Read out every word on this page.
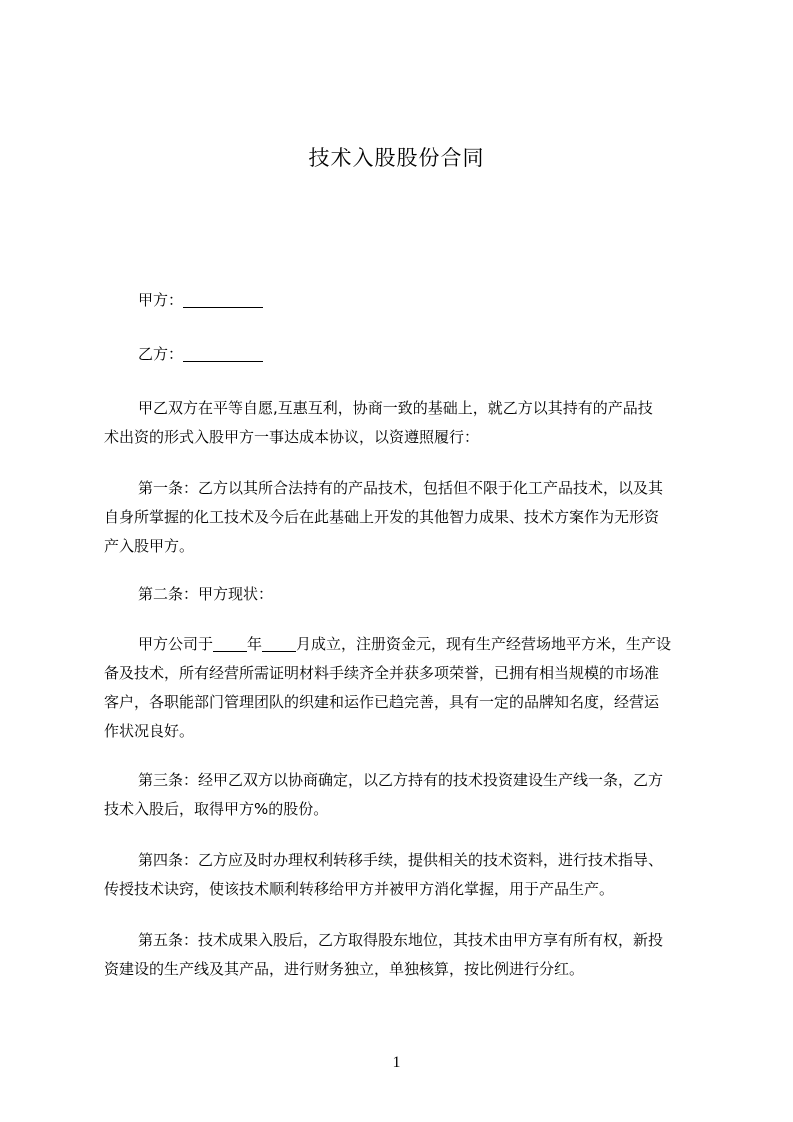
技术入股股份合同
甲方：
乙方：
甲乙双方在平等自愿,互惠互利，协商一致的基础上，就乙方以其持有的产品技
术出资的形式入股甲方一事达成本协议，以资遵照履行：
第一条：乙方以其所合法持有的产品技术，包括但不限于化工产品技术，以及其
自身所掌握的化工技术及今后在此基础上开发的其他智力成果、技术方案作为无形资
产入股甲方。
第二条：甲方现状：
甲方公司于 年 月成立，注册资金元，现有生产经营场地平方米，生产设
备及技术，所有经营所需证明材料手续齐全并获多项荣誉，已拥有相当规模的市场准
客户，各职能部门管理团队的织建和运作已趋完善，具有一定的品牌知名度，经营运
作状况良好。
第三条：经甲乙双方以协商确定，以乙方持有的技术投资建设生产线一条，乙方
技术入股后，取得甲方%的股份。
第四条：乙方应及时办理权利转移手续，提供相关的技术资料，进行技术指导、
传授技术诀窍，使该技术顺利转移给甲方并被甲方消化掌握，用于产品生产。
第五条：技术成果入股后，乙方取得股东地位，其技术由甲方享有所有权，新投
资建设的生产线及其产品，进行财务独立，单独核算，按比例进行分红。
1
